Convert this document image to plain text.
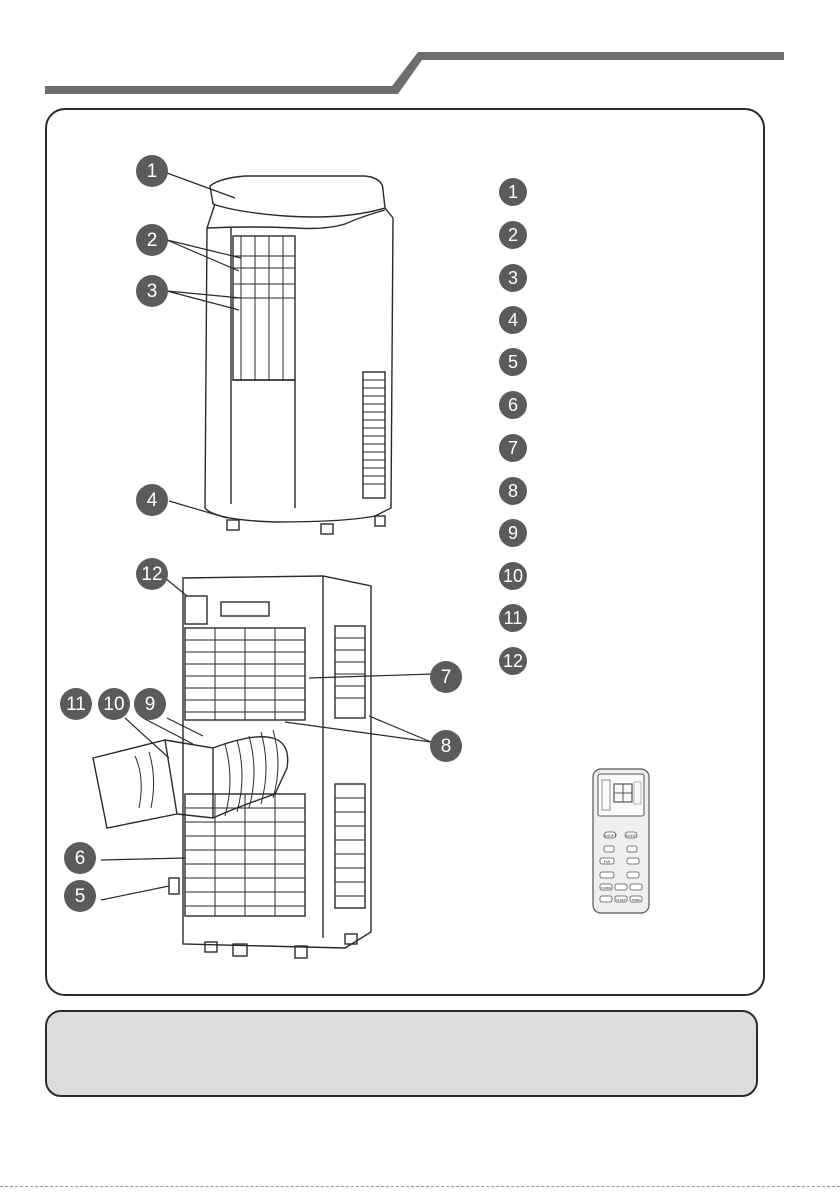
1
2
3
4
5
6
7
8
9
10
11
12
1
2
3
4
5
6
7
8
9
10
11
12
ON/OFF MODE
FAN
TURBO
SLEEP TIMER
